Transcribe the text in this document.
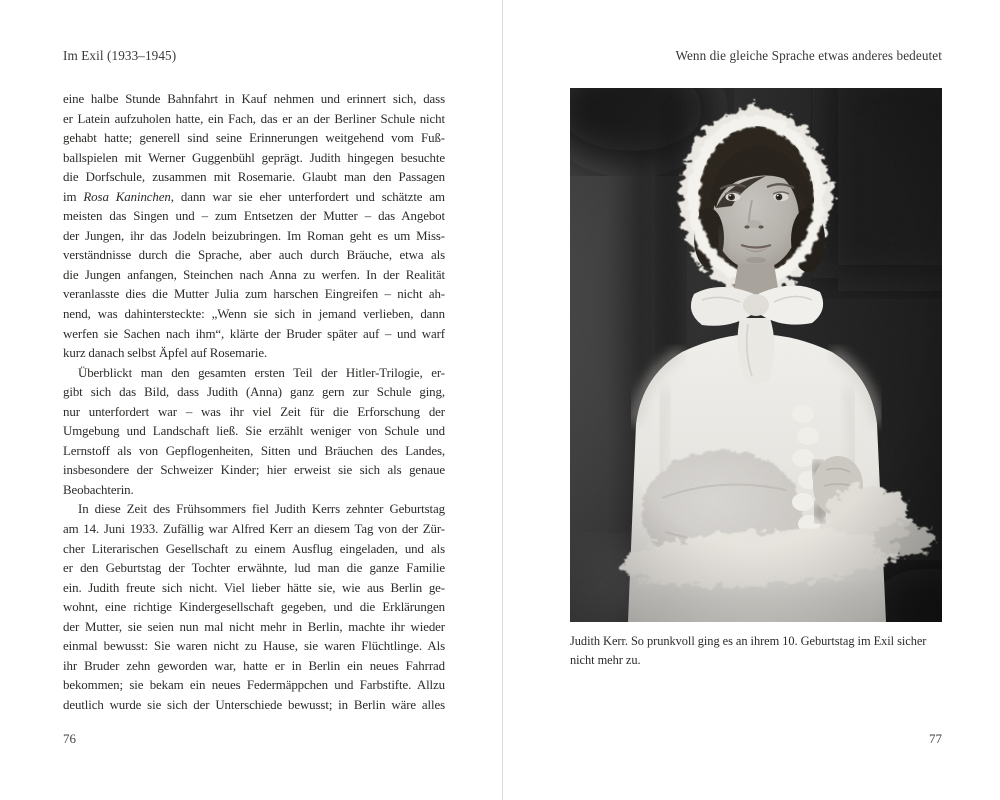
Im Exil (1933–1945)
eine halbe Stunde Bahnfahrt in Kauf nehmen und erinnert sich, dass
er Latein aufzuholen hatte, ein Fach, das er an der Berliner Schule nicht
gehabt hatte; generell sind seine Erinnerungen weitgehend vom Fuß-
ballspielen mit Werner Guggenbühl geprägt. Judith hingegen besuchte
die Dorfschule, zusammen mit Rosemarie. Glaubt man den Passagen
im Rosa Kaninchen, dann war sie eher unterfordert und schätzte am
meisten das Singen und – zum Entsetzen der Mutter – das Angebot
der Jungen, ihr das Jodeln beizubringen. Im Roman geht es um Miss-
verständnisse durch die Sprache, aber auch durch Bräuche, etwa als
die Jungen anfangen, Steinchen nach Anna zu werfen. In der Realität
veranlasste dies die Mutter Julia zum harschen Eingreifen – nicht ah-
nend, was dahintersteckte: „Wenn sie sich in jemand verlieben, dann
werfen sie Sachen nach ihm“, klärte der Bruder später auf – und warf
kurz danach selbst Äpfel auf Rosemarie.
Überblickt man den gesamten ersten Teil der Hitler-Trilogie, er-
gibt sich das Bild, dass Judith (Anna) ganz gern zur Schule ging,
nur unterfordert war – was ihr viel Zeit für die Erforschung der
Umgebung und Landschaft ließ. Sie erzählt weniger von Schule und
Lernstoff als von Gepflogenheiten, Sitten und Bräuchen des Landes,
insbesondere der Schweizer Kinder; hier erweist sie sich als genaue
Beobachterin.
In diese Zeit des Frühsommers fiel Judith Kerrs zehnter Geburtstag
am 14. Juni 1933. Zufällig war Alfred Kerr an diesem Tag von der Zür-
cher Literarischen Gesellschaft zu einem Ausflug eingeladen, und als
er den Geburtstag der Tochter erwähnte, lud man die ganze Familie
ein. Judith freute sich nicht. Viel lieber hätte sie, wie aus Berlin ge-
wohnt, eine richtige Kindergesellschaft gegeben, und die Erklärungen
der Mutter, sie seien nun mal nicht mehr in Berlin, machte ihr wieder
einmal bewusst: Sie waren nicht zu Hause, sie waren Flüchtlinge. Als
ihr Bruder zehn geworden war, hatte er in Berlin ein neues Fahrrad
bekommen; sie bekam ein neues Federmäppchen und Farbstifte. Allzu
deutlich wurde sie sich der Unterschiede bewusst; in Berlin wäre alles
76
Wenn die gleiche Sprache etwas anderes bedeutet
Judith Kerr. So prunkvoll ging es an ihrem 10. Geburtstag im Exil sicher nicht mehr zu.
77
